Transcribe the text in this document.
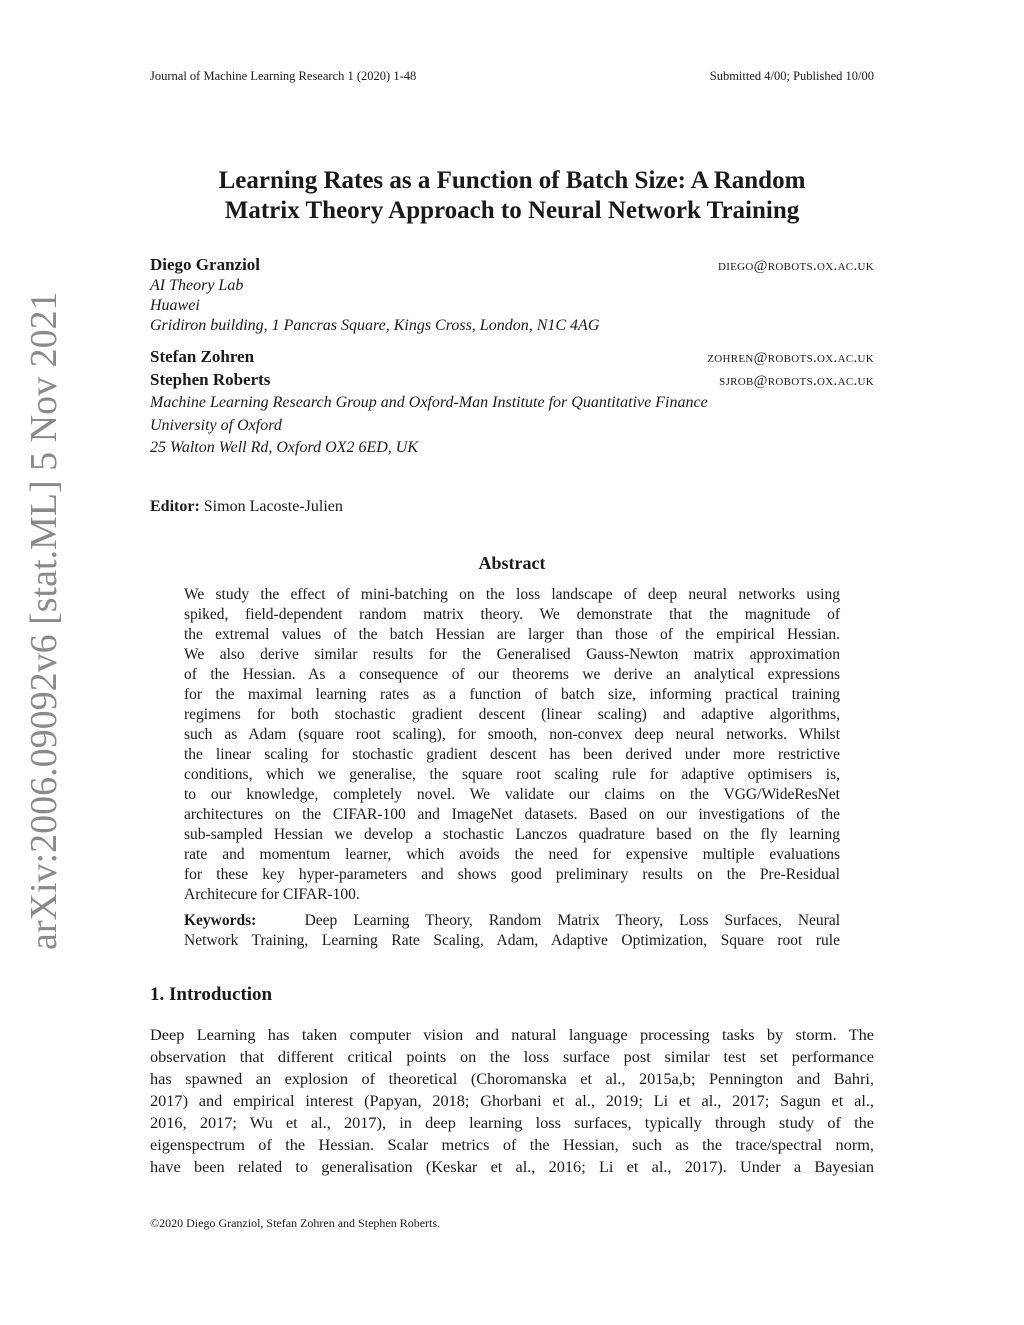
arXiv:2006.09092v6 [stat.ML] 5 Nov 2021
Journal of Machine Learning Research 1 (2020) 1-48	Submitted 4/00; Published 10/00
Learning Rates as a Function of Batch Size: A Random
Matrix Theory Approach to Neural Network Training
Diego Granziol	diego@robots.ox.ac.uk
AI Theory Lab
Huawei
Gridiron building, 1 Pancras Square, Kings Cross, London, N1C 4AG
Stefan Zohren	zohren@robots.ox.ac.uk
Stephen Roberts	sjrob@robots.ox.ac.uk
Machine Learning Research Group and Oxford-Man Institute for Quantitative Finance
University of Oxford
25 Walton Well Rd, Oxford OX2 6ED, UK
Editor: Simon Lacoste-Julien
Abstract
We study the effect of mini-batching on the loss landscape of deep neural networks using
spiked, field-dependent random matrix theory. We demonstrate that the magnitude of
the extremal values of the batch Hessian are larger than those of the empirical Hessian.
We also derive similar results for the Generalised Gauss-Newton matrix approximation
of the Hessian. As a consequence of our theorems we derive an analytical expressions
for the maximal learning rates as a function of batch size, informing practical training
regimens for both stochastic gradient descent (linear scaling) and adaptive algorithms,
such as Adam (square root scaling), for smooth, non-convex deep neural networks. Whilst
the linear scaling for stochastic gradient descent has been derived under more restrictive
conditions, which we generalise, the square root scaling rule for adaptive optimisers is,
to our knowledge, completely novel. We validate our claims on the VGG/WideResNet
architectures on the CIFAR-100 and ImageNet datasets. Based on our investigations of the
sub-sampled Hessian we develop a stochastic Lanczos quadrature based on the fly learning
rate and momentum learner, which avoids the need for expensive multiple evaluations
for these key hyper-parameters and shows good preliminary results on the Pre-Residual
Architecure for CIFAR-100.
Keywords:	Deep Learning Theory, Random Matrix Theory, Loss Surfaces, Neural
Network Training, Learning Rate Scaling, Adam, Adaptive Optimization, Square root rule
1. Introduction
Deep Learning has taken computer vision and natural language processing tasks by storm. The
observation that different critical points on the loss surface post similar test set performance
has spawned an explosion of theoretical (Choromanska et al., 2015a,b; Pennington and Bahri,
2017) and empirical interest (Papyan, 2018; Ghorbani et al., 2019; Li et al., 2017; Sagun et al.,
2016, 2017; Wu et al., 2017), in deep learning loss surfaces, typically through study of the
eigenspectrum of the Hessian. Scalar metrics of the Hessian, such as the trace/spectral norm,
have been related to generalisation (Keskar et al., 2016; Li et al., 2017). Under a Bayesian
©2020 Diego Granziol, Stefan Zohren and Stephen Roberts.
